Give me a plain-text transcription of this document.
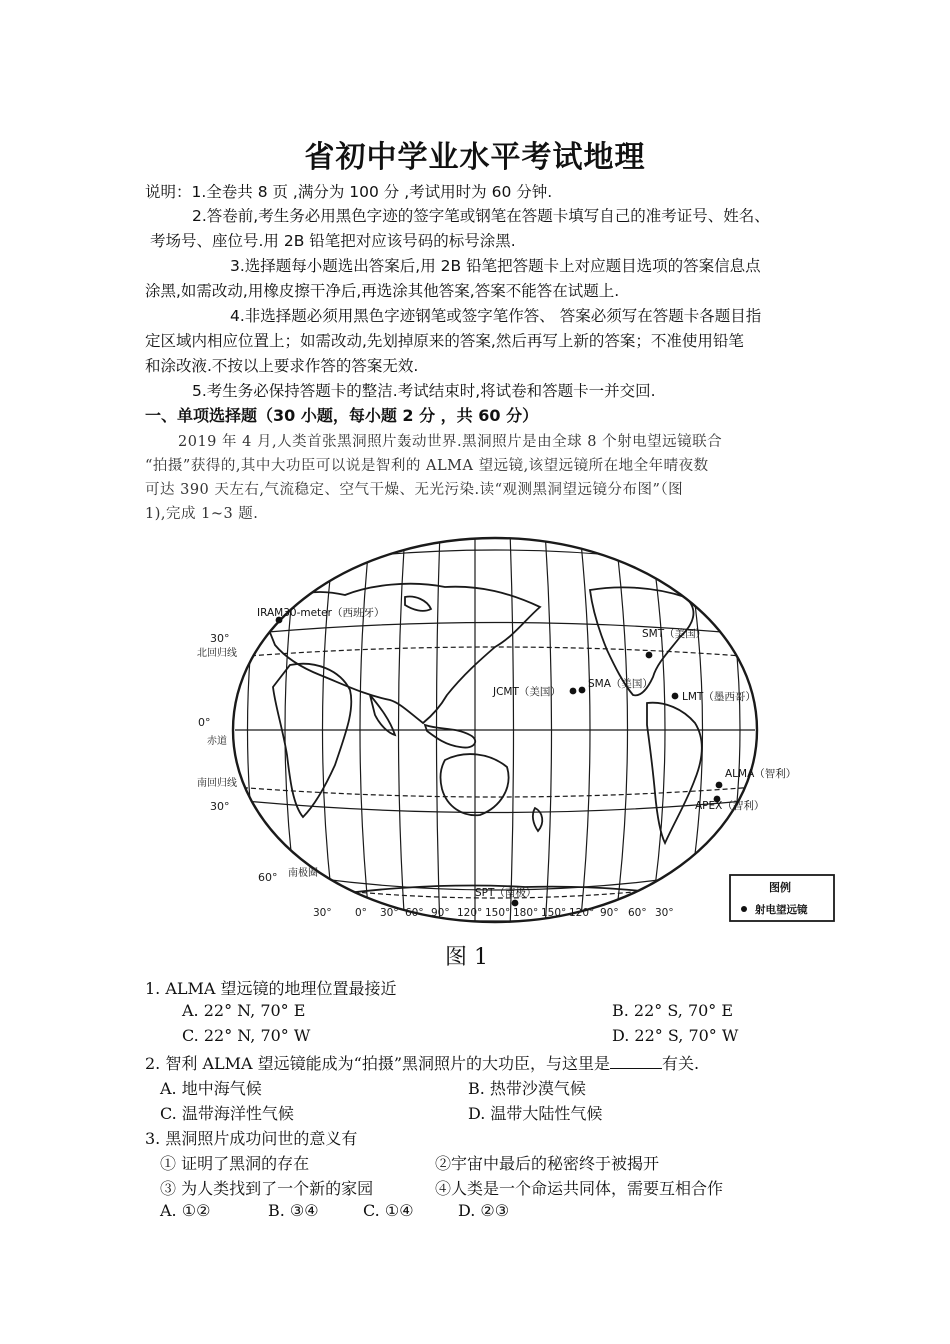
省初中学业水平考试地理
说明：1.全卷共 8 页 ,满分为 100 分 ,考试用时为 60 分钟.
2.答卷前,考生务必用黑色字迹的签字笔或钢笔在答题卡填写自己的准考证号、姓名、
考场号、座位号.用 2B 铅笔把对应该号码的标号涂黑.
3.选择题每小题选出答案后,用 2B 铅笔把答题卡上对应题目选项的答案信息点
涂黑,如需改动,用橡皮擦干净后,再选涂其他答案,答案不能答在试题上.
4.非选择题必须用黑色字迹钢笔或签字笔作答、 答案必须写在答题卡各题目指
定区域内相应位置上；如需改动,先划掉原来的答案,然后再写上新的答案；不准使用铅笔
和涂改液.不按以上要求作答的答案无效.
5.考生务必保持答题卡的整洁.考试结束时,将试卷和答题卡一并交回.
一、单项选择题（30 小题，每小题 2 分 ，共 60 分）
2019 年 4 月,人类首张黑洞照片轰动世界.黑洞照片是由全球 8 个射电望远镜联合
“拍摄”获得的,其中大功臣可以说是智利的 ALMA 望远镜,该望远镜所在地全年晴夜数
可达 390 天左右,气流稳定、空气干燥、无光污染.读“观测黑洞望远镜分布图”（图
1),完成 1~3 题.
30°
0°
30°
60°
北回归线
赤道
南回归线
南极圈
30° 0° 30° 60° 90° 120° 150° 180° 150° 120° 90° 60° 30°
IRAM30-meter（西班牙）
SMT（美国）
JCMT（美国）
SMA（美国）
LMT（墨西哥）
ALMA（智利）
APEX（智利）
SPT（南极）	图例
射电望远镜
图 1
1. ALMA 望远镜的地理位置最接近
A. 22° N, 70° E	B. 22° S, 70° E
C. 22° N, 70° W	D. 22° S, 70° W
2. 智利 ALMA 望远镜能成为“拍摄”黑洞照片的大功臣，与这里是	有关.
A. 地中海气候	B. 热带沙漠气候
C. 温带海洋性气候	D. 温带大陆性气候
3. 黑洞照片成功问世的意义有
① 证明了黑洞的存在	②宇宙中最后的秘密终于被揭开
③ 为人类找到了一个新的家园	④人类是一个命运共同体，需要互相合作
A. ①②	B. ③④	C. ①④	D. ②③
